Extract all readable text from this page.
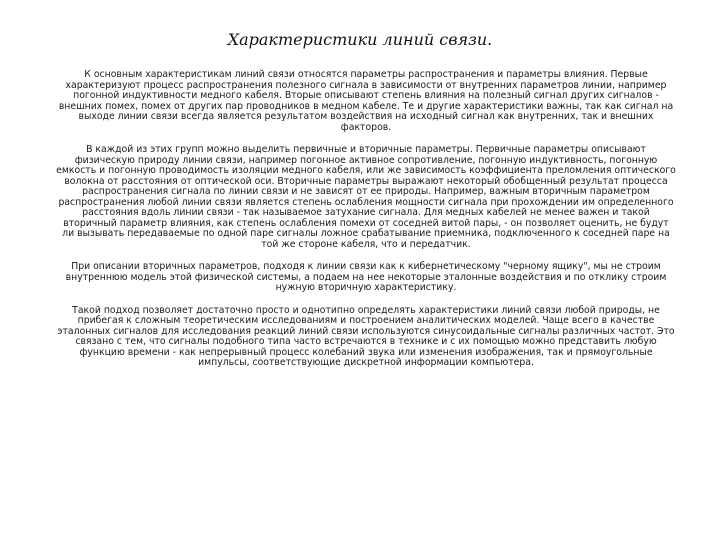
Характеристики линий связи.

К основным характеристикам линий связи относятся параметры распространения и параметры влияния. Первые характеризуют процесс распространения полезного сигнала в зависимости от внутренних параметров линии, например погонной индуктивности медного кабеля. Вторые описывают степень влияния на полезный сигнал других сигналов - внешних помех, помех от других пар проводников в медном кабеле. Те и другие характеристики важны, так как сигнал на выходе линии связи всегда является результатом воздействия на исходный сигнал как внутренних, так и внешних факторов.

В каждой из этих групп можно выделить первичные и вторичные параметры. Первичные параметры описывают физическую природу линии связи, например погонное активное сопротивление, погонную индуктивность, погонную емкость и погонную проводимость изоляции медного кабеля, или же зависимость коэффициента преломления оптического волокна от расстояния от оптической оси. Вторичные параметры выражают некоторый обобщенный результат процесса распространения сигнала по линии связи и не зависят от ее природы. Например, важным вторичным параметром распространения любой линии связи является степень ослабления мощности сигнала при прохождении им определенного расстояния вдоль линии связи - так называемое затухание сигнала. Для медных кабелей не менее важен и такой вторичный параметр влияния, как степень ослабления помехи от соседней витой пары, - он позволяет оценить, не будут ли вызывать передаваемые по одной паре сигналы ложное срабатывание приемника, подключенного к соседней паре на той же стороне кабеля, что и передатчик.

При описании вторичных параметров, подходя к линии связи как к кибернетическому "черному ящику", мы не строим внутреннюю модель этой физической системы, а подаем на нее некоторые эталонные воздействия и по отклику строим нужную вторичную характеристику.

Такой подход позволяет достаточно просто и однотипно определять характеристики линий связи любой природы, не прибегая к сложным теоретическим исследованиям и построением аналитических моделей. Чаще всего в качестве эталонных сигналов для исследования реакций линий связи используются синусоидальные сигналы различных частот. Это связано с тем, что сигналы подобного типа часто встречаются в технике и с их помощью можно представить любую функцию времени - как непрерывный процесс колебаний звука или изменения изображения, так и прямоугольные импульсы, соответствующие дискретной информации компьютера.
